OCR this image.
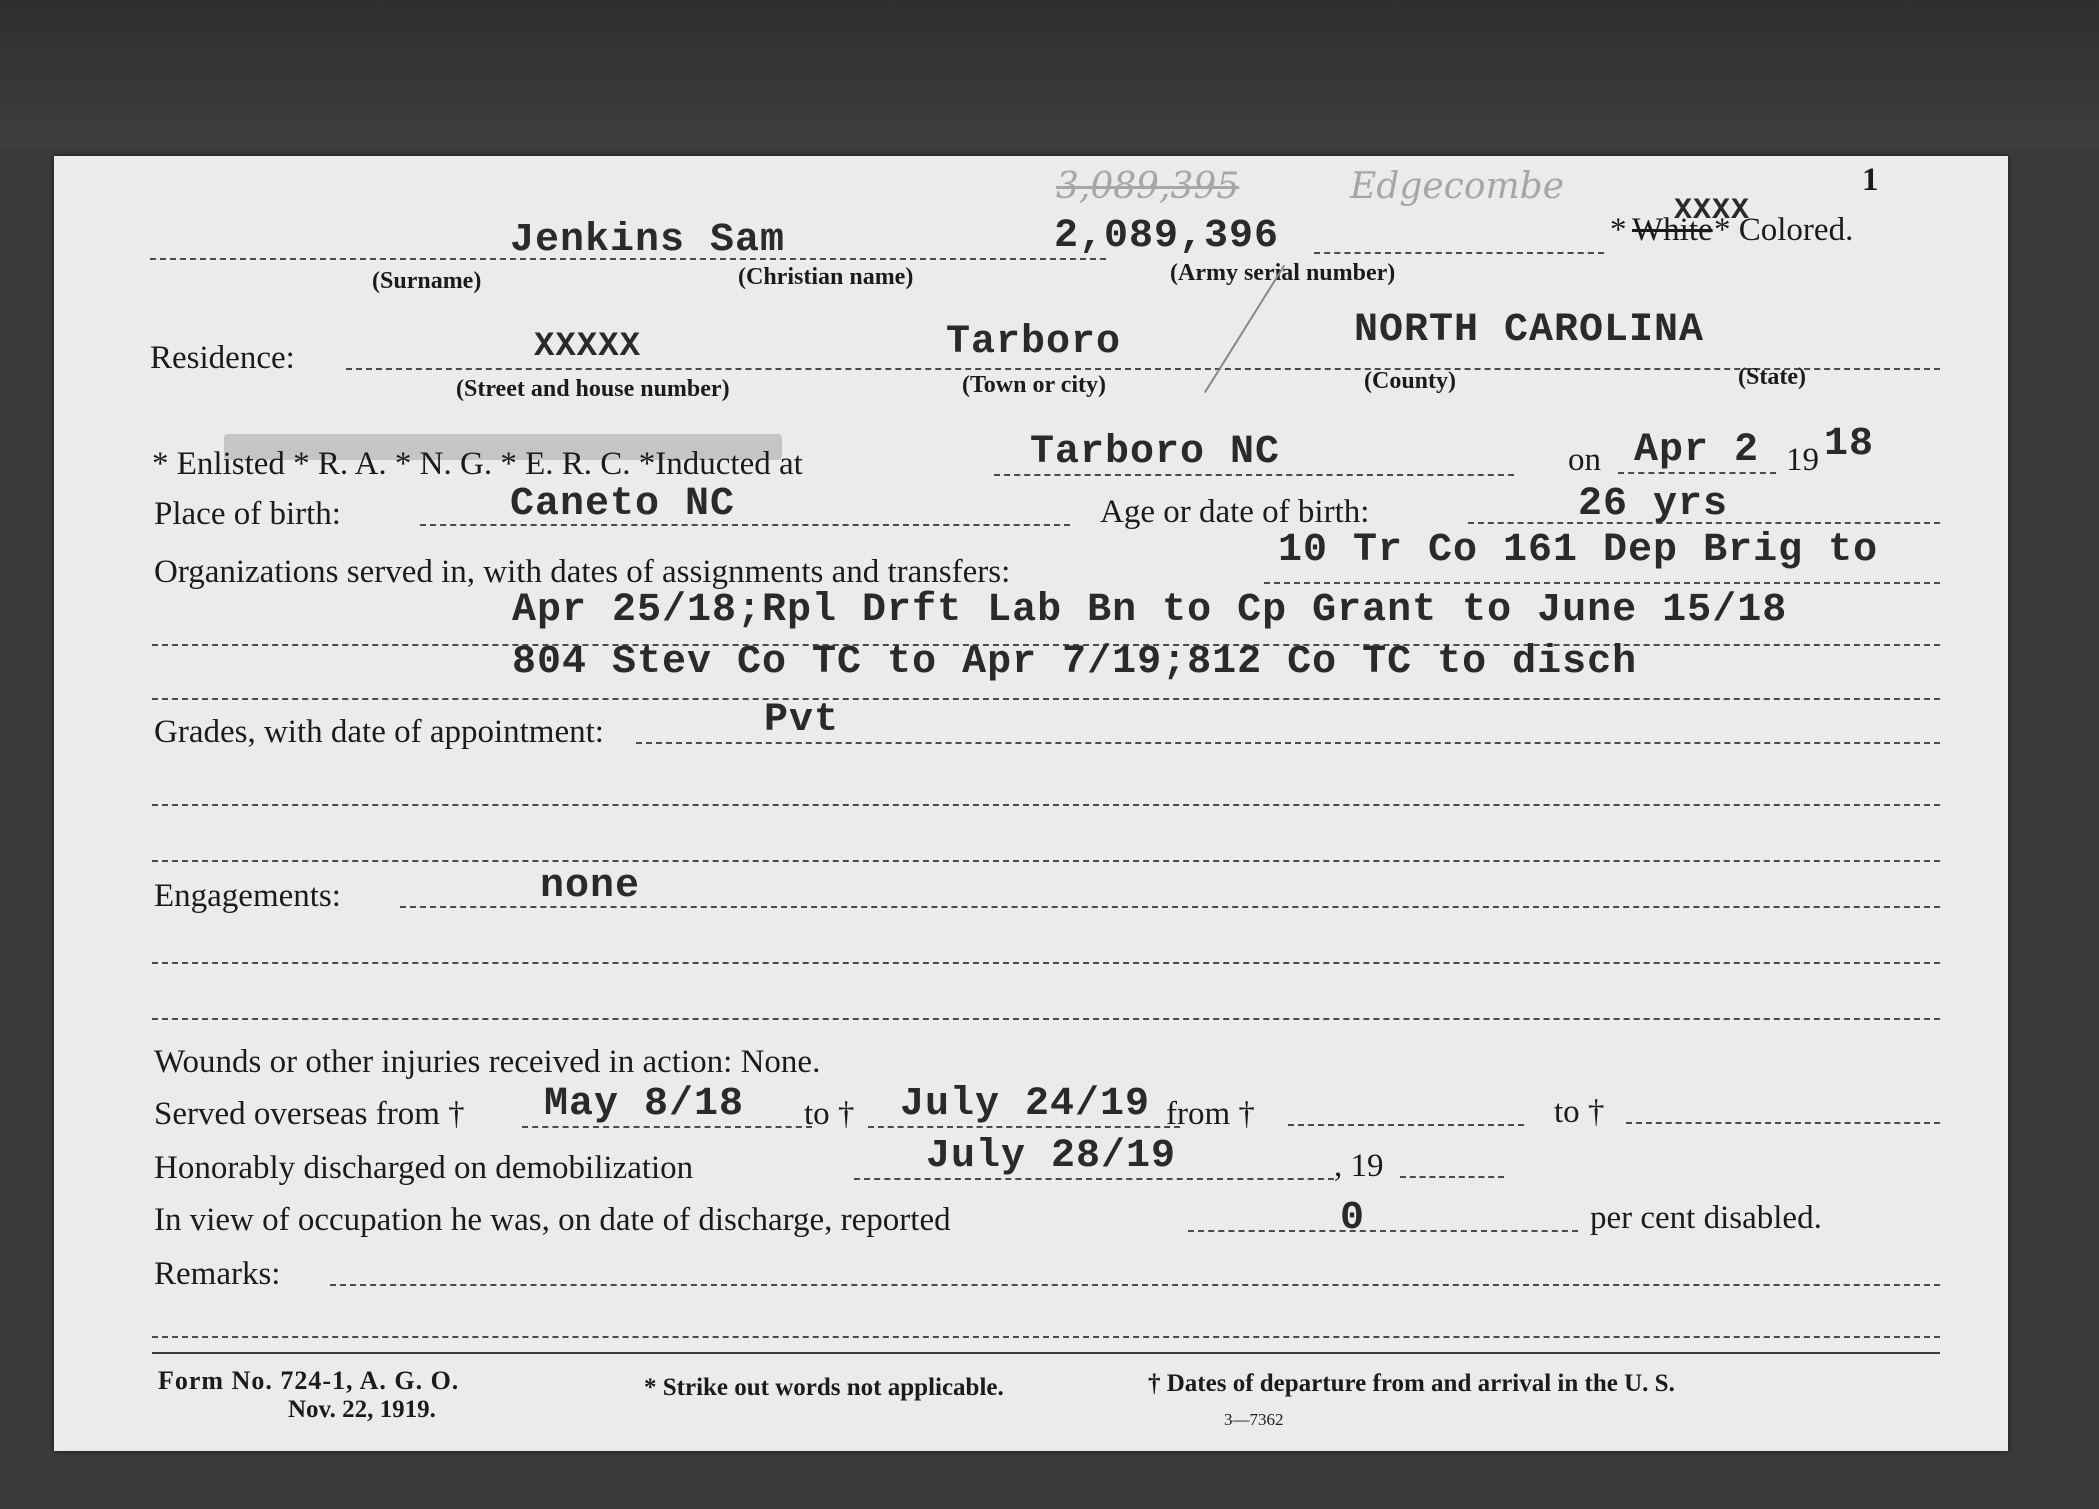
3,089,395	Edgecombe	1
Jenkins Sam	2,089,396	* White
XXXX
* Colored.
(Surname)	(Christian name)	(Army serial number)
Residence:	XXXXX	Tarboro	NORTH CAROLINA
(Street and house number)	(Town or city)	(County)	(State)
* Enlisted * R. A. * N. G. * E. R. C. *Inducted at	Tarboro NC	on Apr 2 19 18
Place of birth:	Caneto NC	Age or date of birth:	26 yrs
Organizations served in, with dates of assignments and transfers:	10 Tr Co 161 Dep Brig to
Apr 25/18;Rpl Drft Lab Bn to Cp Grant to June 15/18
804 Stev Co TC to Apr 7/19;812 Co TC to disch
Grades, with date of appointment:	Pvt
Engagements:	none
Wounds or other injuries received in action: None.
Served overseas from † May 8/18 to † July 24/19 from †	to †
Honorably discharged on demobilization	July 28/19	, 19
In view of occupation he was, on date of discharge, reported	0	per cent disabled.
Remarks:
Form No. 724-1, A. G. O.
Nov. 22, 1919.
* Strike out words not applicable.	† Dates of departure from and arrival in the U. S.
3—7362
